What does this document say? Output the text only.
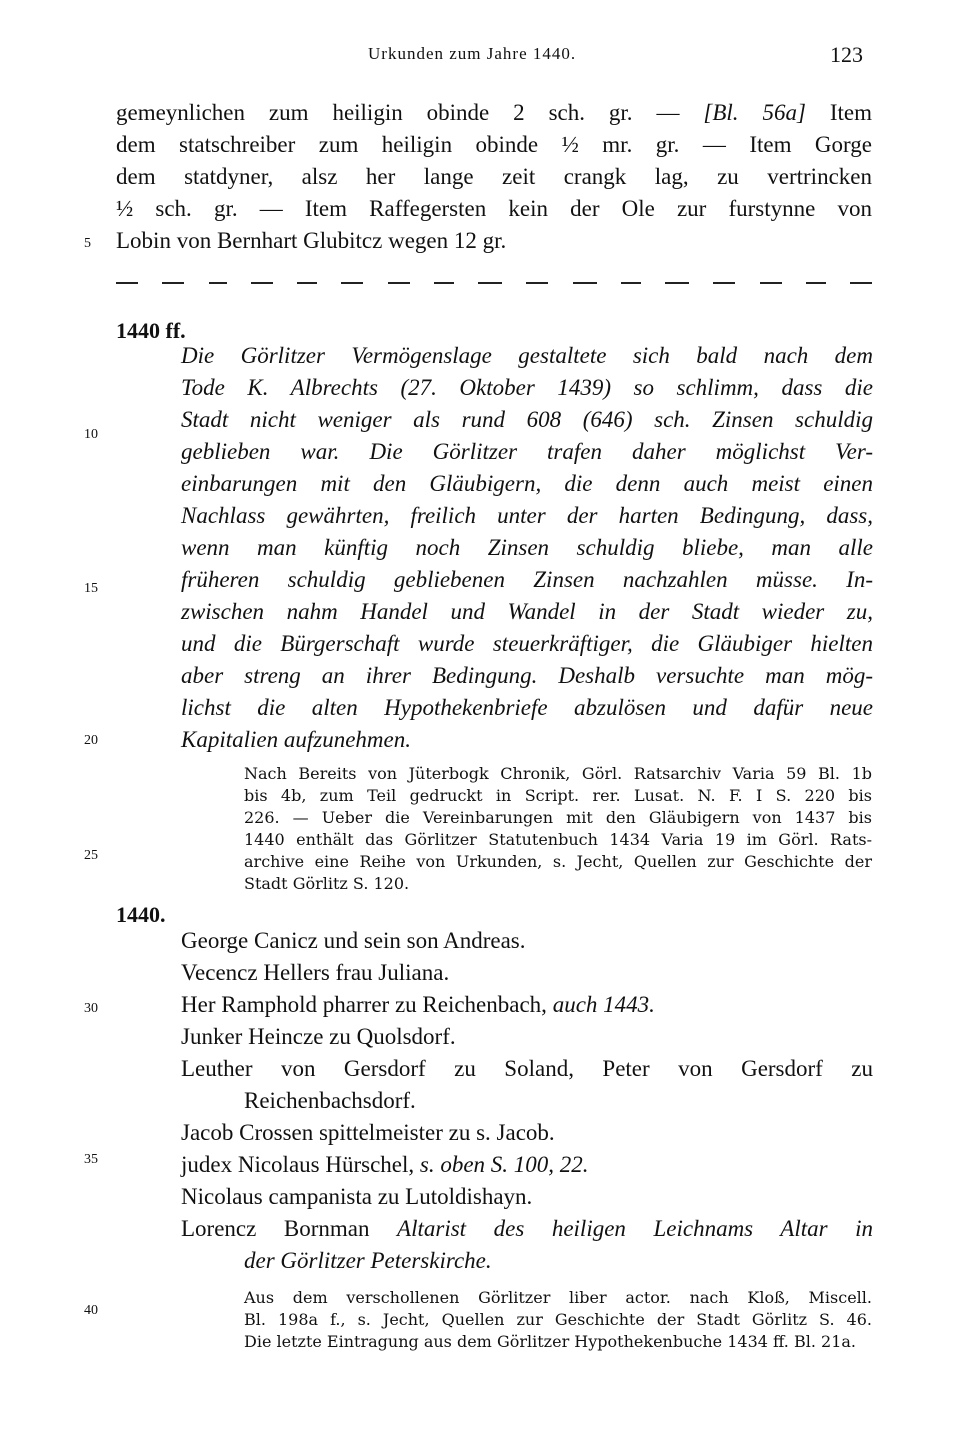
Urkunden zum Jahre 1440.	123
5
10
15
20
25
30
35
40
gemeynlichen zum heiligin obinde 2 sch. gr. — [Bl. 56a] Item
dem statschreiber zum heiligin obinde ½ mr. gr. — Item Gorge
dem statdyner, alsz her lange zeit crangk lag, zu vertrincken
½ sch. gr. — Item Raffegersten kein der Ole zur furstynne von
Lobin von Bernhart Glubitcz wegen 12 gr.
1440 ff.
Die Görlitzer Vermögenslage gestaltete sich bald nach dem
Tode K. Albrechts (27. Oktober 1439) so schlimm, dass die
Stadt nicht weniger als rund 608 (646) sch. Zinsen schuldig
geblieben war. Die Görlitzer trafen daher möglichst Ver-
einbarungen mit den Gläubigern, die denn auch meist einen
Nachlass gewährten, freilich unter der harten Bedingung, dass,
wenn man künftig noch Zinsen schuldig bliebe, man alle
früheren schuldig gebliebenen Zinsen nachzahlen müsse. In-
zwischen nahm Handel und Wandel in der Stadt wieder zu,
und die Bürgerschaft wurde steuerkräftiger, die Gläubiger hielten
aber streng an ihrer Bedingung. Deshalb versuchte man mög-
lichst die alten Hypothekenbriefe abzulösen und dafür neue
Kapitalien aufzunehmen.
Nach Bereits von Jüterbogk Chronik, Görl. Ratsarchiv Varia 59 Bl. 1b
bis 4b, zum Teil gedruckt in Script. rer. Lusat. N. F. I S. 220 bis
226. — Ueber die Vereinbarungen mit den Gläubigern von 1437 bis
1440 enthält das Görlitzer Statutenbuch 1434 Varia 19 im Görl. Rats-
archive eine Reihe von Urkunden, s. Jecht, Quellen zur Geschichte der
Stadt Görlitz S. 120.
1440.
George Canicz und sein son Andreas.
Vecencz Hellers frau Juliana.
Her Ramphold pharrer zu Reichenbach, auch 1443.
Junker Heincze zu Quolsdorf.
Leuther von Gersdorf zu Soland, Peter von Gersdorf zu
Reichenbachsdorf.
Jacob Crossen spittelmeister zu s. Jacob.
judex Nicolaus Hürschel, s. oben S. 100, 22.
Nicolaus campanista zu Lutoldishayn.
Lorencz Bornman Altarist des heiligen Leichnams Altar in
der Görlitzer Peterskirche.
Aus dem verschollenen Görlitzer liber actor. nach Kloß, Miscell.
Bl. 198a f., s. Jecht, Quellen zur Geschichte der Stadt Görlitz S. 46.
Die letzte Eintragung aus dem Görlitzer Hypothekenbuche 1434 ff. Bl. 21a.
